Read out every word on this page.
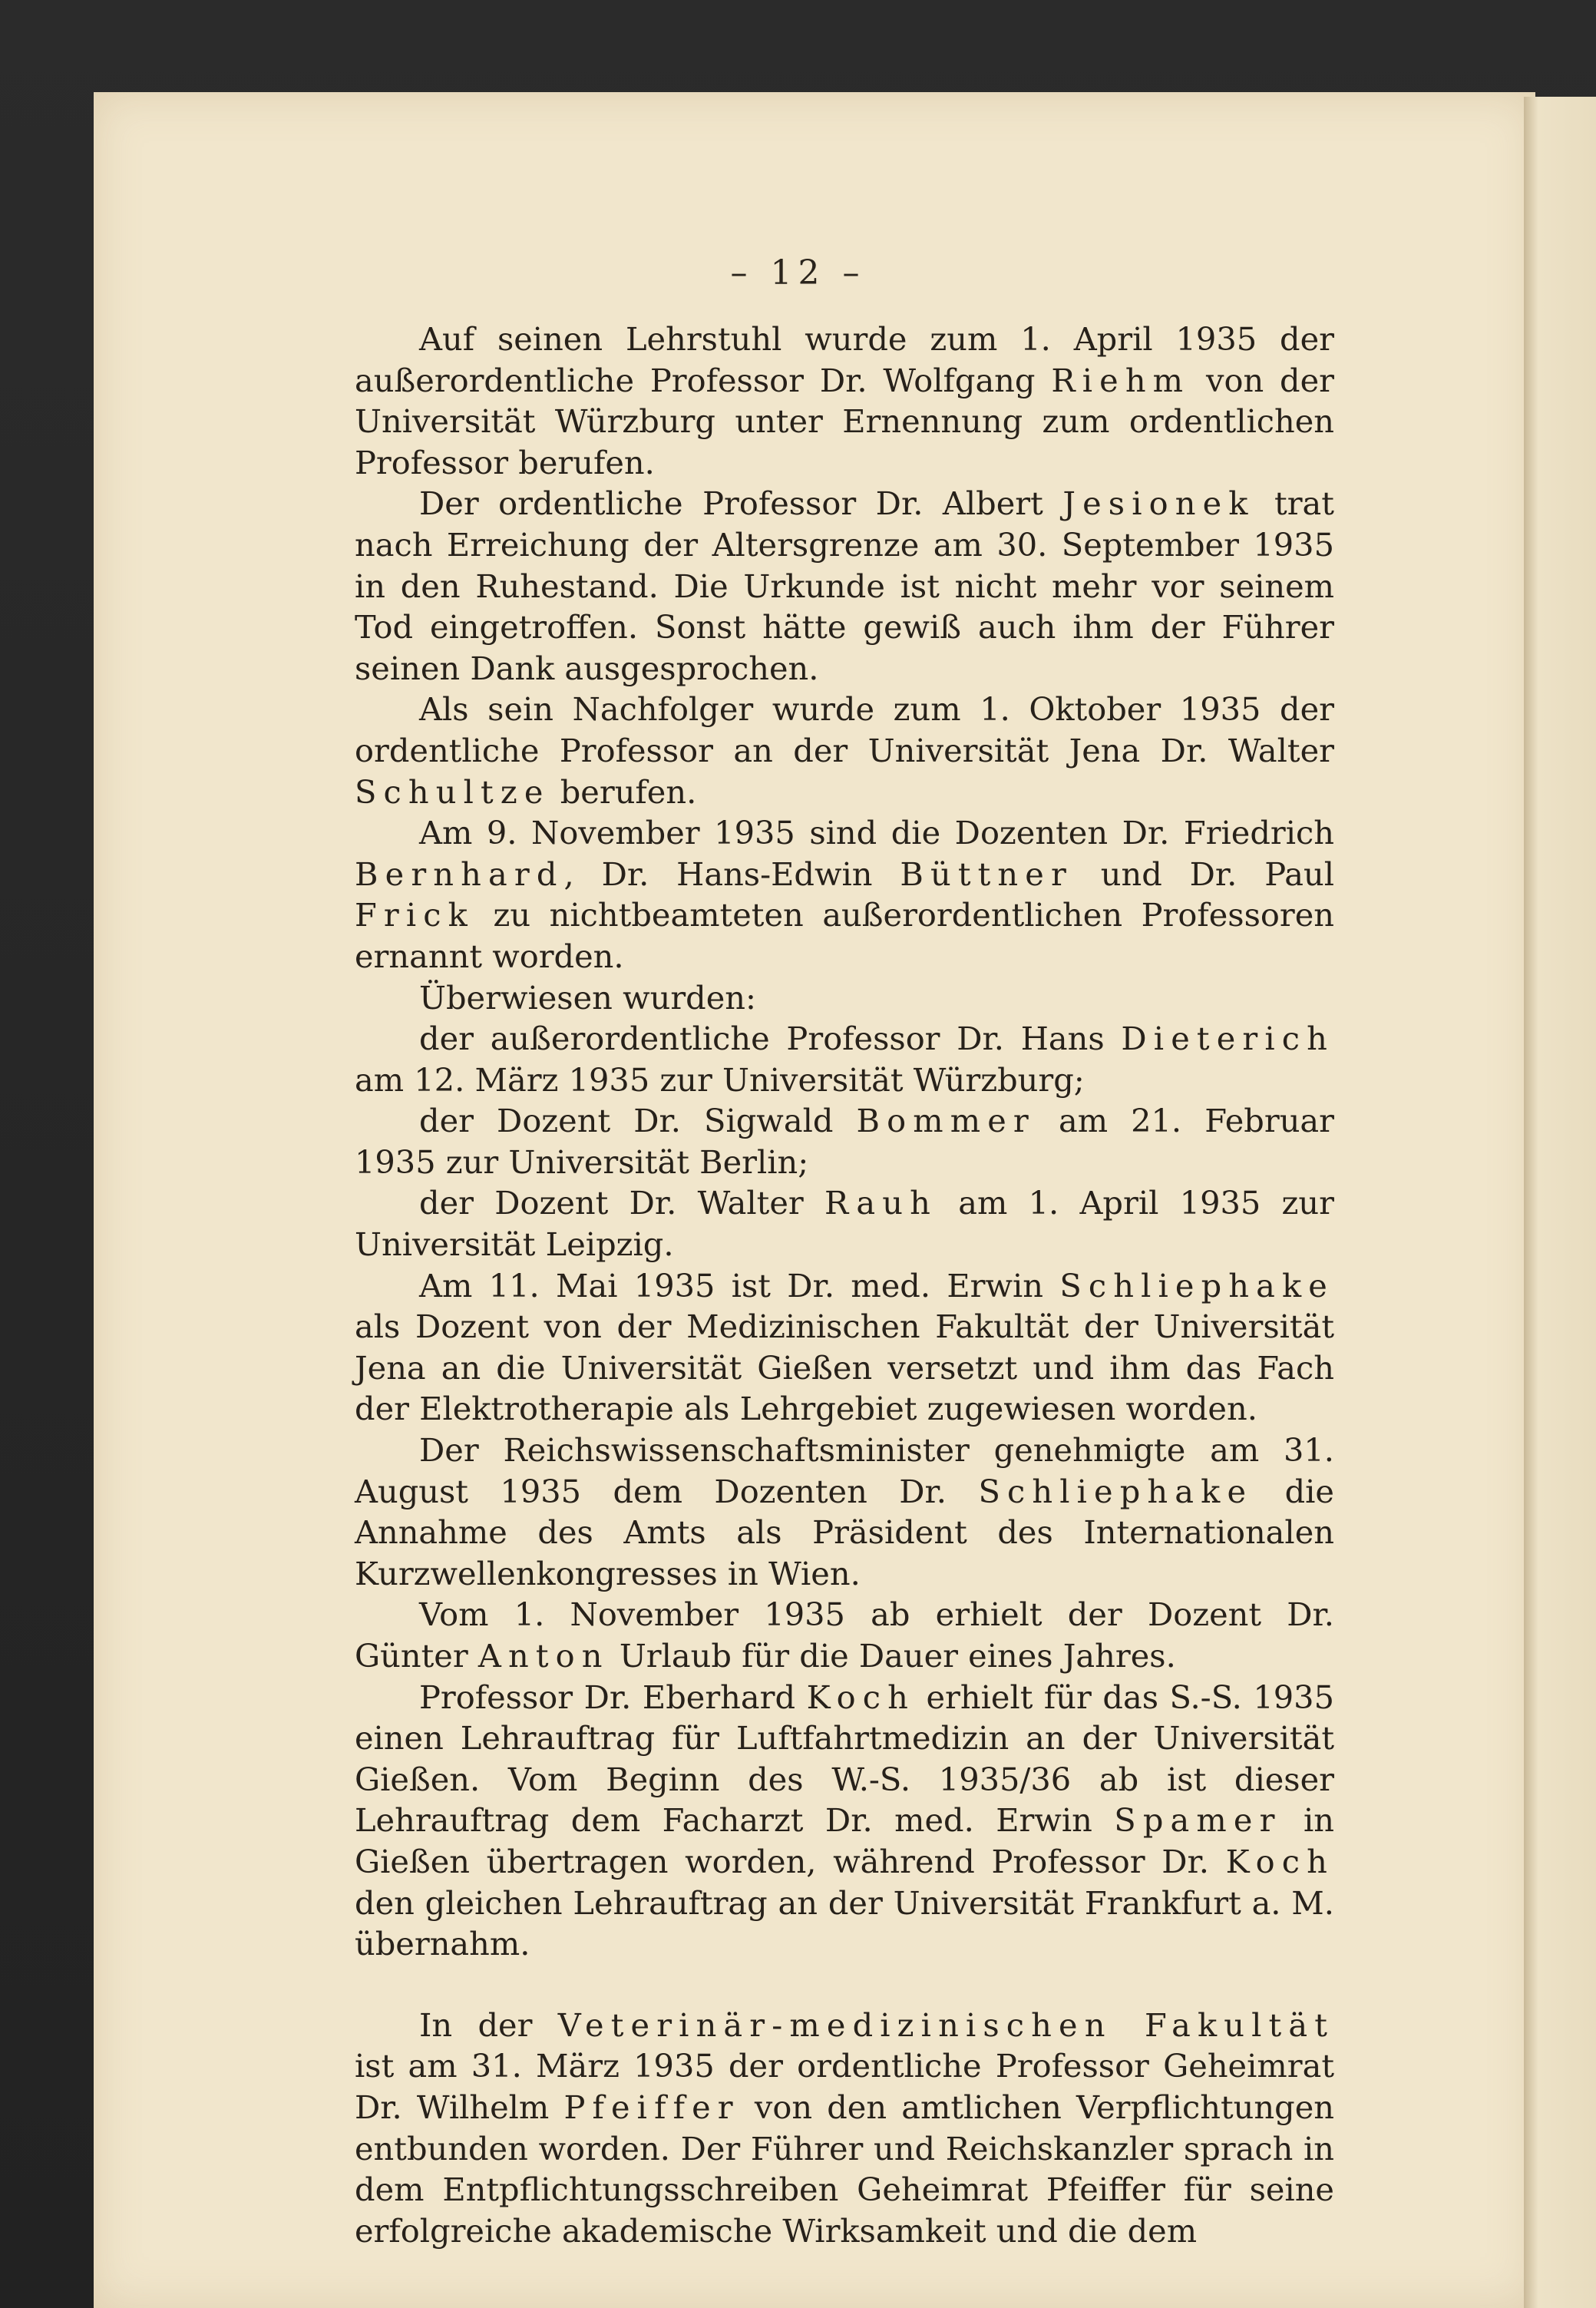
– 12 –

Auf seinen Lehrstuhl wurde zum 1. April 1935 der außerordentliche Professor Dr. Wolfgang Riehm von der Universität Würzburg unter Ernennung zum ordentlichen Professor berufen.

Der ordentliche Professor Dr. Albert Jesionek trat nach Erreichung der Altersgrenze am 30. September 1935 in den Ruhestand. Die Urkunde ist nicht mehr vor seinem Tod eingetroffen. Sonst hätte gewiß auch ihm der Führer seinen Dank ausgesprochen.

Als sein Nachfolger wurde zum 1. Oktober 1935 der ordentliche Professor an der Universität Jena Dr. Walter Schultze berufen.

Am 9. November 1935 sind die Dozenten Dr. Friedrich Bernhard, Dr. Hans-Edwin Büttner und Dr. Paul Frick zu nichtbeamteten außerordentlichen Professoren ernannt worden.

Überwiesen wurden:

der außerordentliche Professor Dr. Hans Dieterich am 12. März 1935 zur Universität Würzburg;

der Dozent Dr. Sigwald Bommer am 21. Februar 1935 zur Universität Berlin;

der Dozent Dr. Walter Rauh am 1. April 1935 zur Universität Leipzig.

Am 11. Mai 1935 ist Dr. med. Erwin Schliephake als Dozent von der Medizinischen Fakultät der Universität Jena an die Universität Gießen versetzt und ihm das Fach der Elektrotherapie als Lehrgebiet zugewiesen worden.

Der Reichswissenschaftsminister genehmigte am 31. August 1935 dem Dozenten Dr. Schliephake die Annahme des Amts als Präsident des Internationalen Kurzwellenkongresses in Wien.

Vom 1. November 1935 ab erhielt der Dozent Dr. Günter Anton Urlaub für die Dauer eines Jahres.

Professor Dr. Eberhard Koch erhielt für das S.-S. 1935 einen Lehrauftrag für Luftfahrtmedizin an der Universität Gießen. Vom Beginn des W.-S. 1935/36 ab ist dieser Lehrauftrag dem Facharzt Dr. med. Erwin Spamer in Gießen übertragen worden, während Professor Dr. Koch den gleichen Lehrauftrag an der Universität Frankfurt a. M. übernahm.

In der Veterinär-medizinischen Fakultät ist am 31. März 1935 der ordentliche Professor Geheimrat Dr. Wilhelm Pfeiffer von den amtlichen Verpflichtungen entbunden worden. Der Führer und Reichskanzler sprach in dem Entpflichtungsschreiben Geheimrat Pfeiffer für seine erfolgreiche akademische Wirksamkeit und die dem
